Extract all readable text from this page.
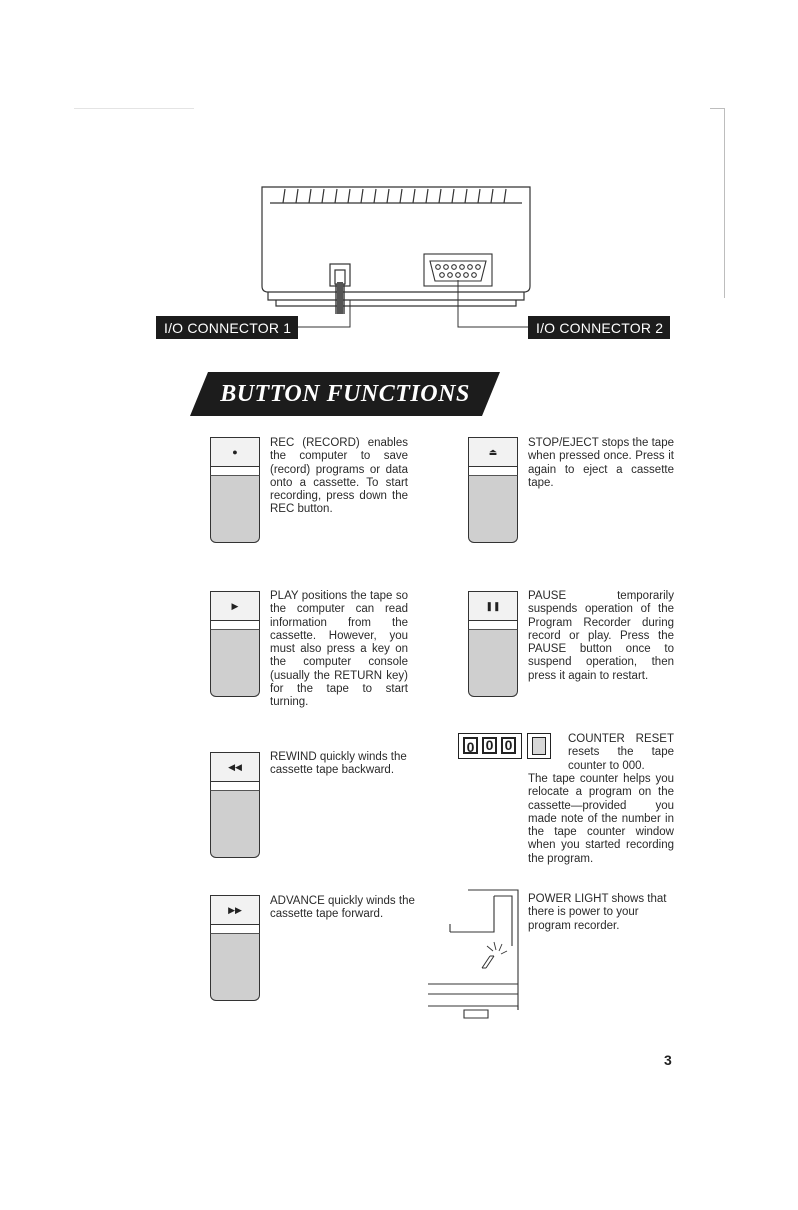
I/O CONNECTOR 1	I/O CONNECTOR 2
BUTTON FUNCTIONS
●
REC (RECORD) enables the computer to save (record) programs or data onto a cassette. To start recording, press down the REC button.
▶
PLAY positions the tape so the computer can read information from the cassette. However, you must also press a key on the computer console (usually the RETURN key) for the tape to start turning.
◀◀
REWIND quickly winds the cassette tape backward.
▶▶
ADVANCE quickly winds the cassette tape forward.
⏏
STOP/EJECT stops the tape when pressed once. Press it again to eject a cassette tape.
❚❚
PAUSE temporarily suspends operation of the Program Recorder during record or play. Press the PAUSE button once to suspend operation, then press it again to restart.
0 0 0	COUNTER RESET resets the tape counter to 000.
The tape counter helps you relocate a program on the cassette—provided you made note of the number in the tape counter window when you started recording the program.
POWER LIGHT shows that there is power to your program recorder.
3
